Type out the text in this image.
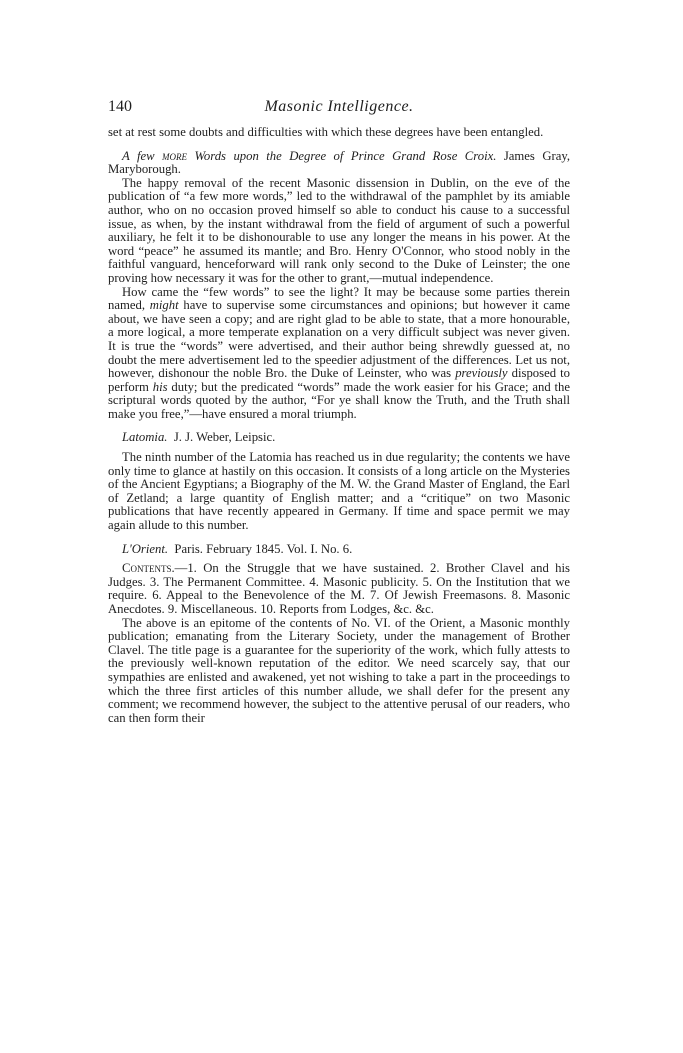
140	Masonic Intelligence.

set at rest some doubts and difficulties with which these degrees have been entangled.

A few more Words upon the Degree of Prince Grand Rose Croix. James Gray, Maryborough.

The happy removal of the recent Masonic dissension in Dublin, on the eve of the publication of “a few more words,” led to the withdrawal of the pamphlet by its amiable author, who on no occasion proved himself so able to conduct his cause to a successful issue, as when, by the instant withdrawal from the field of argument of such a powerful auxiliary, he felt it to be dishonourable to use any longer the means in his power. At the word “peace” he assumed its mantle; and Bro. Henry O'Connor, who stood nobly in the faithful vanguard, henceforward will rank only second to the Duke of Leinster; the one proving how necessary it was for the other to grant,—mutual independence.

How came the “few words” to see the light? It may be because some parties therein named, might have to supervise some circumstances and opinions; but however it came about, we have seen a copy; and are right glad to be able to state, that a more honourable, a more logical, a more temperate explanation on a very difficult subject was never given. It is true the “words” were advertised, and their author being shrewdly guessed at, no doubt the mere advertisement led to the speedier adjustment of the differences. Let us not, however, dishonour the noble Bro. the Duke of Leinster, who was previously disposed to perform his duty; but the predicated “words” made the work easier for his Grace; and the scriptural words quoted by the author, “For ye shall know the Truth, and the Truth shall make you free,”—have ensured a moral triumph.

Latomia. J. J. Weber, Leipsic.

The ninth number of the Latomia has reached us in due regularity; the contents we have only time to glance at hastily on this occasion. It consists of a long article on the Mysteries of the Ancient Egyptians; a Biography of the M. W. the Grand Master of England, the Earl of Zetland; a large quantity of English matter; and a “critique” on two Masonic publications that have recently appeared in Germany. If time and space permit we may again allude to this number.

L'Orient. Paris. February 1845. Vol. I. No. 6.

Contents.—1. On the Struggle that we have sustained. 2. Brother Clavel and his Judges. 3. The Permanent Committee. 4. Masonic publicity. 5. On the Institution that we require. 6. Appeal to the Benevolence of the M. 7. Of Jewish Freemasons. 8. Masonic Anecdotes. 9. Miscellaneous. 10. Reports from Lodges, &c. &c.

The above is an epitome of the contents of No. VI. of the Orient, a Masonic monthly publication; emanating from the Literary Society, under the management of Brother Clavel. The title page is a guarantee for the superiority of the work, which fully attests to the previously well-known reputation of the editor. We need scarcely say, that our sympathies are enlisted and awakened, yet not wishing to take a part in the proceedings to which the three first articles of this number allude, we shall defer for the present any comment; we recommend however, the subject to the attentive perusal of our readers, who can then form their
